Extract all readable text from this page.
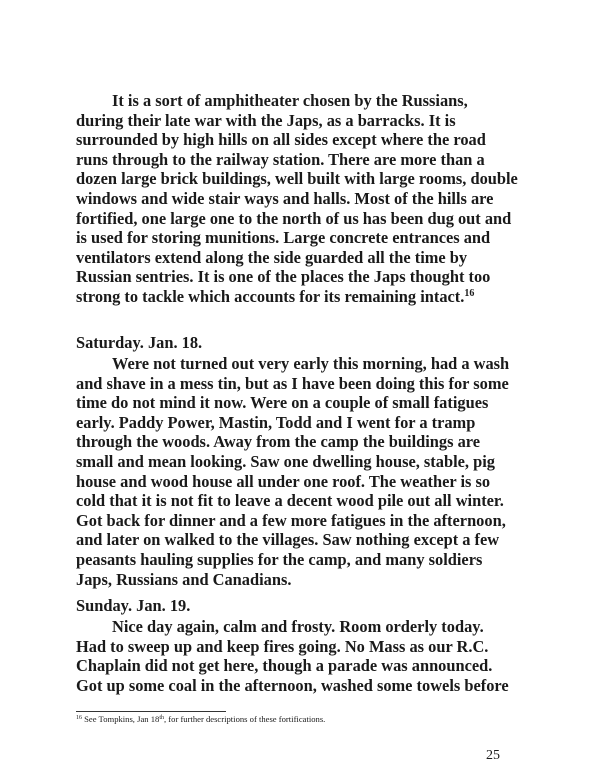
It is a sort of amphitheater chosen by the Russians,
during their late war with the Japs, as a barracks. It is
surrounded by high hills on all sides except where the road
runs through to the railway station. There are more than a
dozen large brick buildings, well built with large rooms, double
windows and wide stair ways and halls. Most of the hills are
fortified, one large one to the north of us has been dug out and
is used for storing munitions. Large concrete entrances and
ventilators extend along the side guarded all the time by
Russian sentries. It is one of the places the Japs thought too
strong to tackle which accounts for its remaining intact.$^{16}$
Saturday. Jan. 18.
Were not turned out very early this morning, had a wash
and shave in a mess tin, but as I have been doing this for some
time do not mind it now. Were on a couple of small fatigues
early. Paddy Power, Mastin, Todd and I went for a tramp
through the woods. Away from the camp the buildings are
small and mean looking. Saw one dwelling house, stable, pig
house and wood house all under one roof. The weather is so
cold that it is not fit to leave a decent wood pile out all winter.
Got back for dinner and a few more fatigues in the afternoon,
and later on walked to the villages. Saw nothing except a few
peasants hauling supplies for the camp, and many soldiers
Japs, Russians and Canadians.
Sunday. Jan. 19.
Nice day again, calm and frosty. Room orderly today.
Had to sweep up and keep fires going. No Mass as our R.C.
Chaplain did not get here, though a parade was announced.
Got up some coal in the afternoon, washed some towels before
$^{16}$ See Tompkins, Jan 18th, for further descriptions of these fortifications.
25
